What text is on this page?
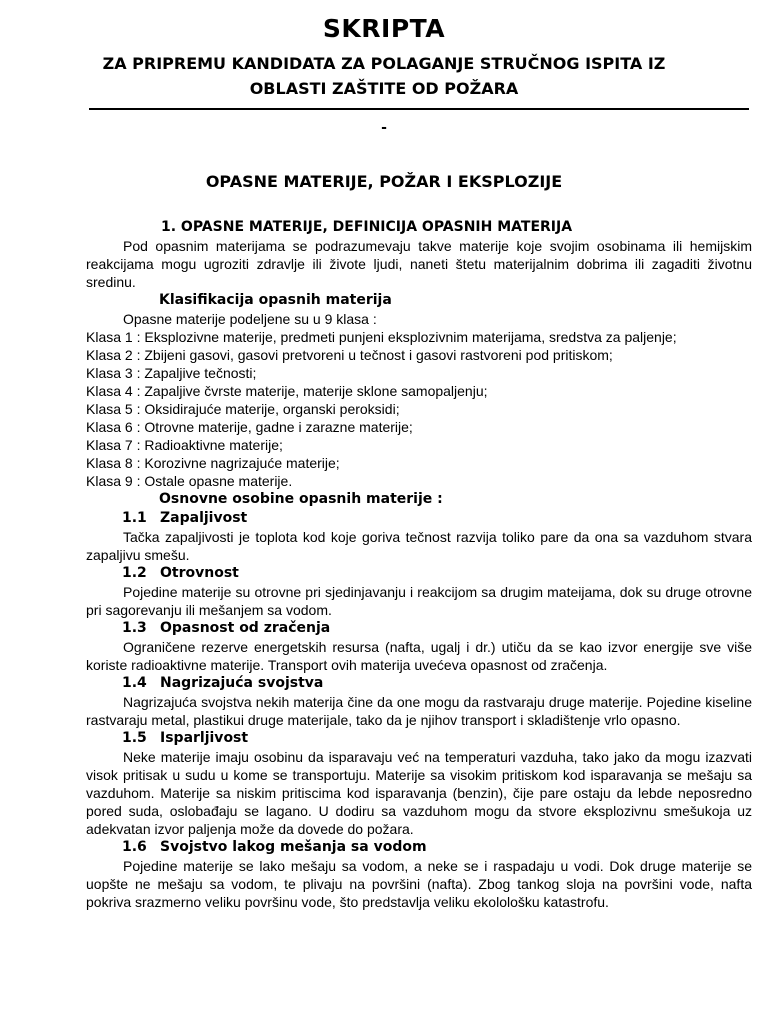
SKRIPTA
ZA PRIPREMU KANDIDATA ZA POLAGANJE STRUČNOG ISPITA IZ OBLASTI ZAŠTITE OD POŽARA
-
OPASNE MATERIJE, POŽAR I EKSPLOZIJE
1. OPASNE MATERIJE, DEFINICIJA OPASNIH MATERIJA

Pod opasnim materijama se podrazumevaju takve materije koje svojim osobinama ili hemijskim reakcijama mogu ugroziti zdravlje ili živote ljudi, naneti štetu materijalnim dobrima ili zagaditi životnu sredinu.

Klasifikacija opasnih materija

Opasne materije podeljene su u 9 klasa :

Klasa 1 : Eksplozivne materije, predmeti punjeni eksplozivnim materijama, sredstva za paljenje;

Klasa 2 : Zbijeni gasovi, gasovi pretvoreni u tečnost i gasovi rastvoreni pod pritiskom;

Klasa 3 : Zapaljive tečnosti;

Klasa 4 : Zapaljive čvrste materije, materije sklone samopaljenju;

Klasa 5 : Oksidirajuće materije, organski peroksidi;

Klasa 6 : Otrovne materije, gadne i zarazne materije;

Klasa 7 : Radioaktivne materije;

Klasa 8 : Korozivne nagrizajuće materije;

Klasa 9 : Ostale opasne materije.

Osnovne osobine opasnih materije :
1.1 Zapaljivost

Tačka zapaljivosti je toplota kod koje goriva tečnost razvija toliko pare da ona sa vazduhom stvara zapaljivu smešu.

1.2 Otrovnost

Pojedine materije su otrovne pri sjedinjavanju i reakcijom sa drugim mateijama, dok su druge otrovne pri sagorevanju ili mešanjem sa vodom.

1.3 Opasnost od zračenja

Ograničene rezerve energetskih resursa (nafta, ugalj i dr.) utiču da se kao izvor energije sve više koriste radioaktivne materije. Transport ovih materija uvećeva opasnost od zračenja.

1.4 Nagrizajuća svojstva

Nagrizajuća svojstva nekih materija čine da one mogu da rastvaraju druge materije. Pojedine kiseline rastvaraju metal, plastikui druge materijale, tako da je njihov transport i skladištenje vrlo opasno.

1.5 Isparljivost

Neke materije imaju osobinu da isparavaju već na temperaturi vazduha, tako jako da mogu izazvati visok pritisak u sudu u kome se transportuju. Materije sa visokim pritiskom kod isparavanja se mešaju sa vazduhom. Materije sa niskim pritiscima kod isparavanja (benzin), čije pare ostaju da lebde neposredno pored suda, oslobađaju se lagano. U dodiru sa vazduhom mogu da stvore eksplozivnu smešukoja uz adekvatan izvor paljenja može da dovede do požara.

1.6 Svojstvo lakog mešanja sa vodom

Pojedine materije se lako mešaju sa vodom, a neke se i raspadaju u vodi. Dok druge materije se uopšte ne mešaju sa vodom, te plivaju na površini (nafta). Zbog tankog sloja na površini vode, nafta pokriva srazmerno veliku površinu vode, što predstavlja veliku ekolološku katastrofu.
